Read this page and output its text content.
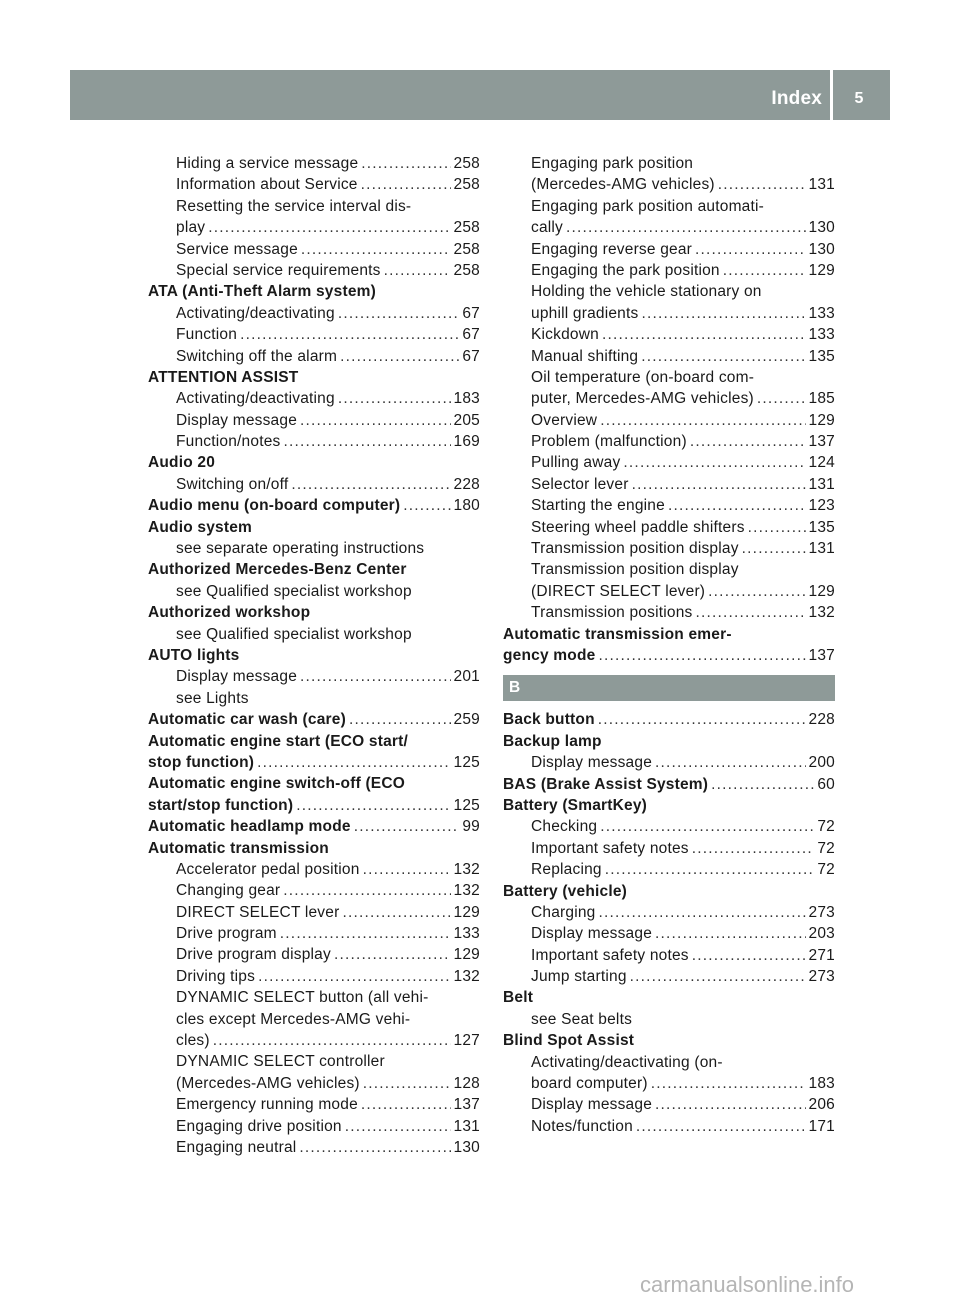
Index	5
Hiding a service message .....	258
Information about Service .....	258
Resetting the service interval dis-
play .....	258
Service message .....	258
Special service requirements .....	258
ATA (Anti-Theft Alarm system)
Activating/deactivating .....	67
Function .....	67
Switching off the alarm .....	67
ATTENTION ASSIST
Activating/deactivating .....	183
Display message .....	205
Function/notes .....	169
Audio 20
Switching on/off .....	228
Audio menu (on-board computer) .....	180
Audio system
see separate operating instructions
Authorized Mercedes-Benz Center
see Qualified specialist workshop
Authorized workshop
see Qualified specialist workshop
AUTO lights
Display message .....	201
see Lights
Automatic car wash (care) .....	259
Automatic engine start (ECO start/
stop function) .....	125
Automatic engine switch-off (ECO
start/stop function) .....	125
Automatic headlamp mode .....	99
Automatic transmission
Accelerator pedal position .....	132
Changing gear .....	132
DIRECT SELECT lever .....	129
Drive program .....	133
Drive program display .....	129
Driving tips .....	132
DYNAMIC SELECT button (all vehi-
cles except Mercedes-AMG vehi-
cles) .....	127
DYNAMIC SELECT controller
(Mercedes-AMG vehicles) .....	128
Emergency running mode .....	137
Engaging drive position .....	131
Engaging neutral .....	130
Engaging park position
(Mercedes-AMG vehicles) .....	131
Engaging park position automati-
cally .....	130
Engaging reverse gear .....	130
Engaging the park position .....	129
Holding the vehicle stationary on
uphill gradients .....	133
Kickdown .....	133
Manual shifting .....	135
Oil temperature (on-board com-
puter, Mercedes-AMG vehicles) .....	185
Overview .....	129
Problem (malfunction) .....	137
Pulling away .....	124
Selector lever .....	131
Starting the engine .....	123
Steering wheel paddle shifters .....	135
Transmission position display .....	131
Transmission position display
(DIRECT SELECT lever) .....	129
Transmission positions .....	132
Automatic transmission emer-
gency mode .....	137
B
Back button .....	228
Backup lamp
Display message .....	200
BAS (Brake Assist System) .....	60
Battery (SmartKey)
Checking .....	72
Important safety notes .....	72
Replacing .....	72
Battery (vehicle)
Charging .....	273
Display message .....	203
Important safety notes .....	271
Jump starting .....	273
Belt
see Seat belts
Blind Spot Assist
Activating/deactivating (on-
board computer) .....	183
Display message .....	206
Notes/function .....	171
carmanualsonline.info
